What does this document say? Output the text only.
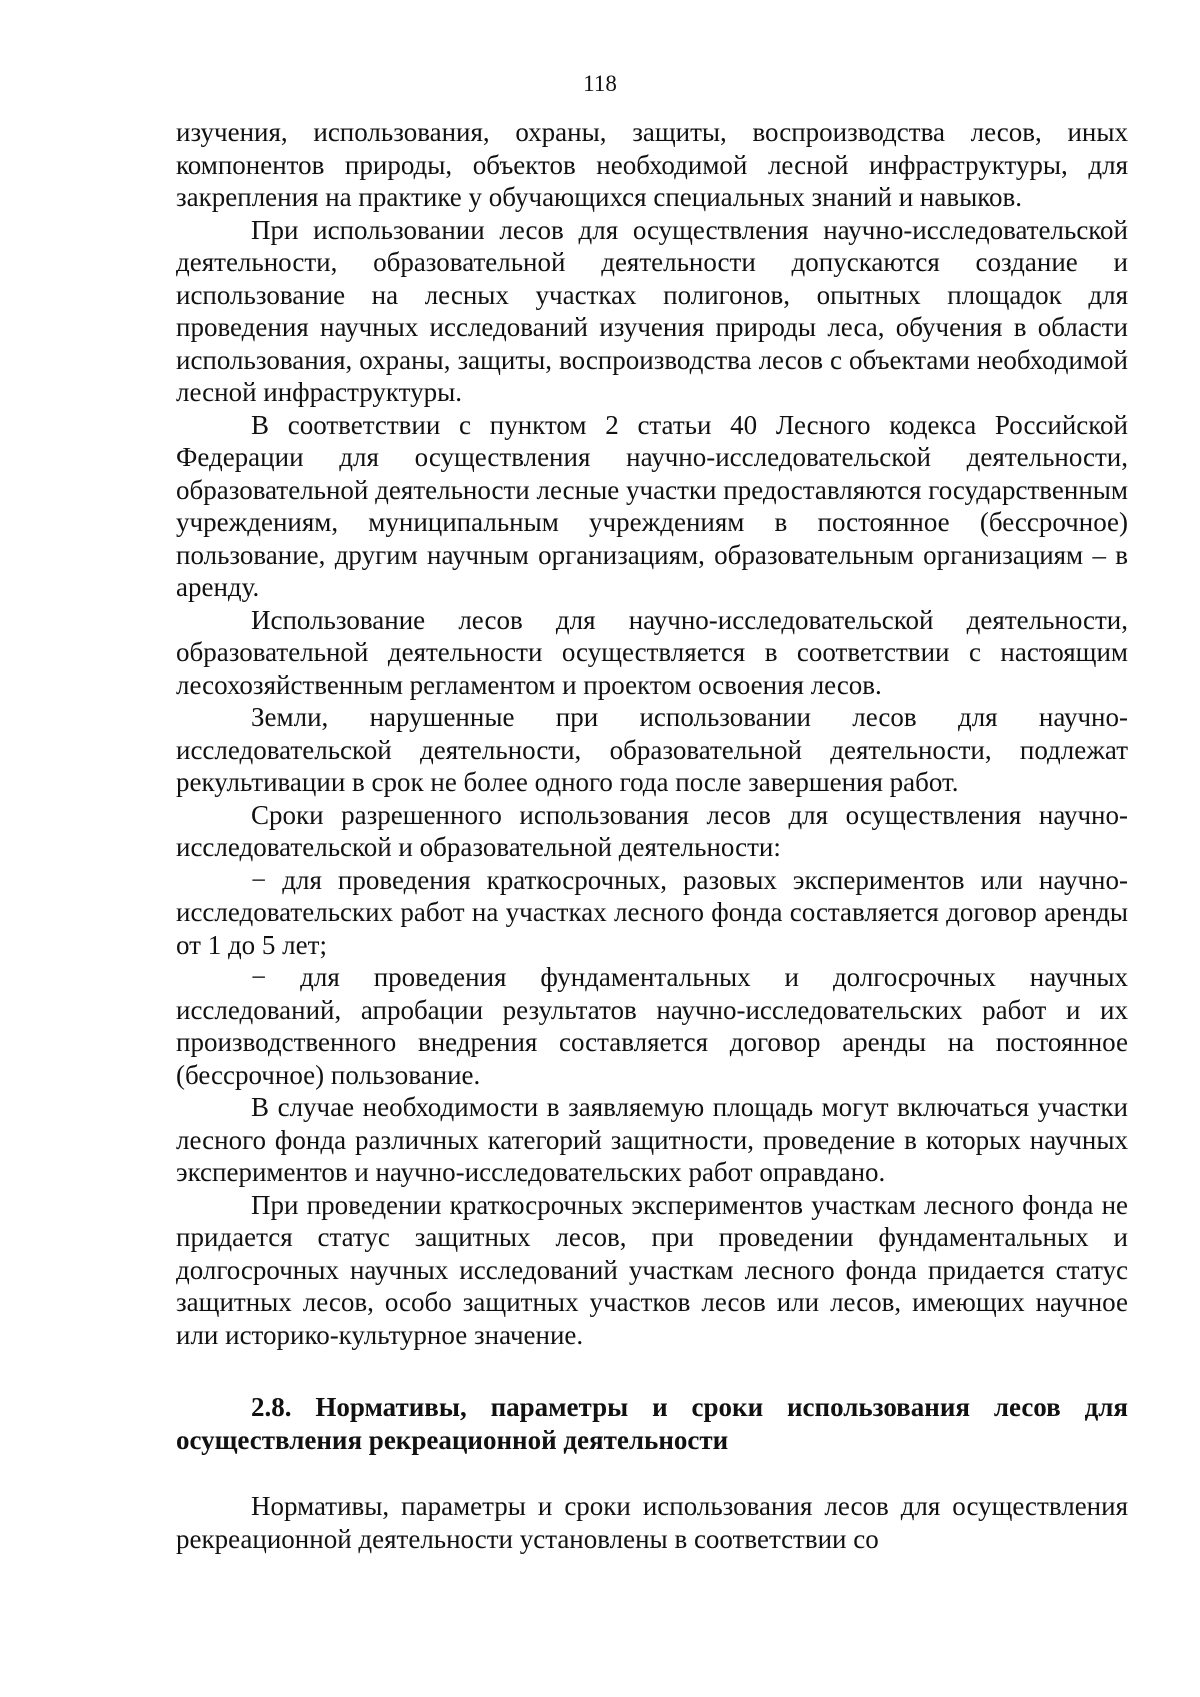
118

изучения, использования, охраны, защиты, воспроизводства лесов, иных компонентов природы, объектов необходимой лесной инфраструктуры, для закрепления на практике у обучающихся специальных знаний и навыков.

При использовании лесов для осуществления научно-исследовательской деятельности, образовательной деятельности допускаются создание и использование на лесных участках полигонов, опытных площадок для проведения научных исследований изучения природы леса, обучения в области использования, охраны, защиты, воспроизводства лесов с объектами необходимой лесной инфраструктуры.

В соответствии с пунктом 2 статьи 40 Лесного кодекса Российской Федерации для осуществления научно-исследовательской деятельности, образовательной деятельности лесные участки предоставляются государственным учреждениям, муниципальным учреждениям в постоянное (бессрочное) пользование, другим научным организациям, образовательным организациям – в аренду.

Использование лесов для научно-исследовательской деятельности, образовательной деятельности осуществляется в соответствии с настоящим лесохозяйственным регламентом и проектом освоения лесов.

Земли, нарушенные при использовании лесов для научно-исследовательской деятельности, образовательной деятельности, подлежат рекультивации в срок не более одного года после завершения работ.

Сроки разрешенного использования лесов для осуществления научно-исследовательской и образовательной деятельности:

− для проведения краткосрочных, разовых экспериментов или научно-исследовательских работ на участках лесного фонда составляется договор аренды от 1 до 5 лет;

− для проведения фундаментальных и долгосрочных научных исследований, апробации результатов научно-исследовательских работ и их производственного внедрения составляется договор аренды на постоянное (бессрочное) пользование.

В случае необходимости в заявляемую площадь могут включаться участки лесного фонда различных категорий защитности, проведение в которых научных экспериментов и научно-исследовательских работ оправдано.

При проведении краткосрочных экспериментов участкам лесного фонда не придается статус защитных лесов, при проведении фундаментальных и долгосрочных научных исследований участкам лесного фонда придается статус защитных лесов, особо защитных участков лесов или лесов, имеющих научное или историко-культурное значение.

2.8. Нормативы, параметры и сроки использования лесов для осуществления рекреационной деятельности

Нормативы, параметры и сроки использования лесов для осуществления рекреационной деятельности установлены в соответствии со
